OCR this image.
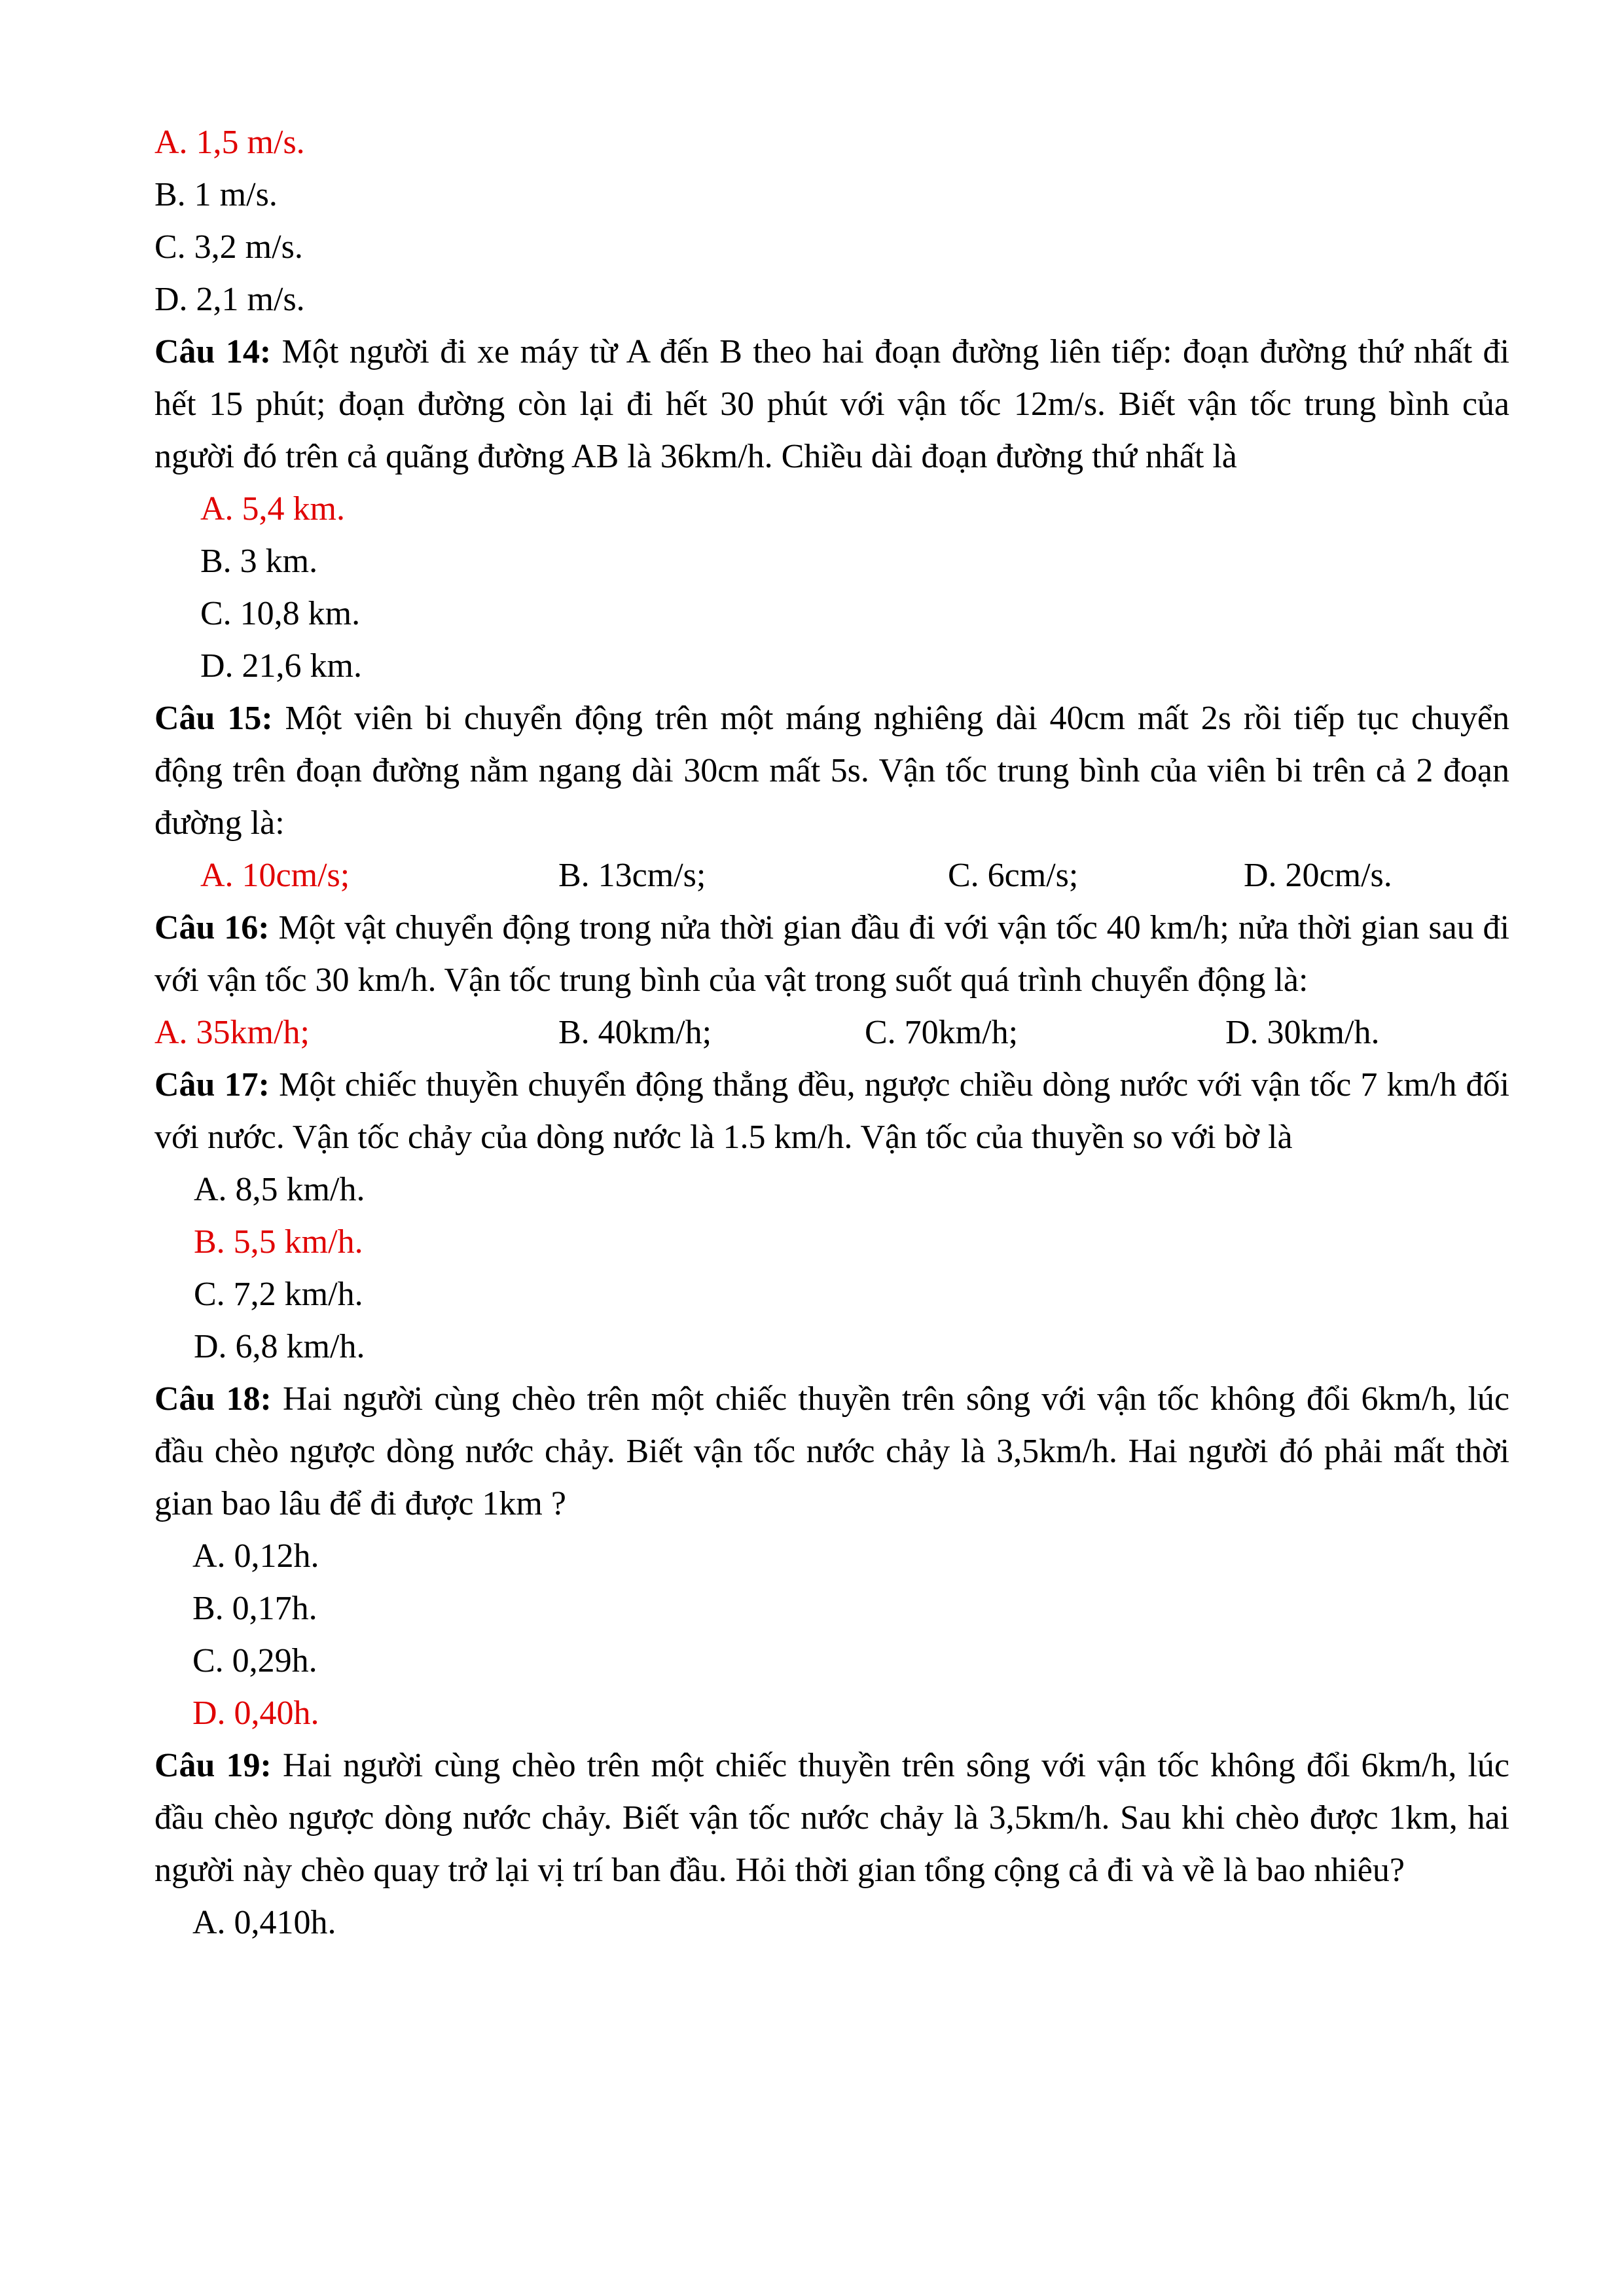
A. 1,5 m/s.
B. 1 m/s.
C. 3,2 m/s.
D. 2,1 m/s.
Câu 14: Một người đi xe máy từ A đến B theo hai đoạn đường liên tiếp: đoạn đường thứ nhất đi hết 15 phút; đoạn đường còn lại đi hết 30 phút với vận tốc 12m/s. Biết vận tốc trung bình của người đó trên cả quãng đường AB là 36km/h. Chiều dài đoạn đường thứ nhất là
A. 5,4 km.
B. 3 km.
C. 10,8 km.
D. 21,6 km.
Câu 15: Một viên bi chuyển động trên một máng nghiêng dài 40cm mất 2s rồi tiếp tục chuyển động trên đoạn đường nằm ngang dài 30cm mất 5s. Vận tốc trung bình của viên bi trên cả 2 đoạn đường là:
A. 10cm/s;	B. 13cm/s;	C. 6cm/s;	D. 20cm/s.
Câu 16: Một vật chuyển động trong nửa thời gian đầu đi với vận tốc 40 km/h; nửa thời gian sau đi với vận tốc 30 km/h. Vận tốc trung bình của vật trong suốt quá trình chuyển động là:
A. 35km/h;	B. 40km/h;	C. 70km/h;	D. 30km/h.
Câu 17: Một chiếc thuyền chuyển động thẳng đều, ngược chiều dòng nước với vận tốc 7 km/h đối với nước. Vận tốc chảy của dòng nước là 1.5 km/h. Vận tốc của thuyền so với bờ là
A. 8,5 km/h.
B. 5,5 km/h.
C. 7,2 km/h.
D. 6,8 km/h.
Câu 18: Hai người cùng chèo trên một chiếc thuyền trên sông với vận tốc không đổi 6km/h, lúc đầu chèo ngược dòng nước chảy. Biết vận tốc nước chảy là 3,5km/h. Hai người đó phải mất thời gian bao lâu để đi được 1km ?
A. 0,12h.
B. 0,17h.
C. 0,29h.
D. 0,40h.
Câu 19: Hai người cùng chèo trên một chiếc thuyền trên sông với vận tốc không đổi 6km/h, lúc đầu chèo ngược dòng nước chảy. Biết vận tốc nước chảy là 3,5km/h. Sau khi chèo được 1km, hai người này chèo quay trở lại vị trí ban đầu. Hỏi thời gian tổng cộng cả đi và về là bao nhiêu?
A. 0,410h.
